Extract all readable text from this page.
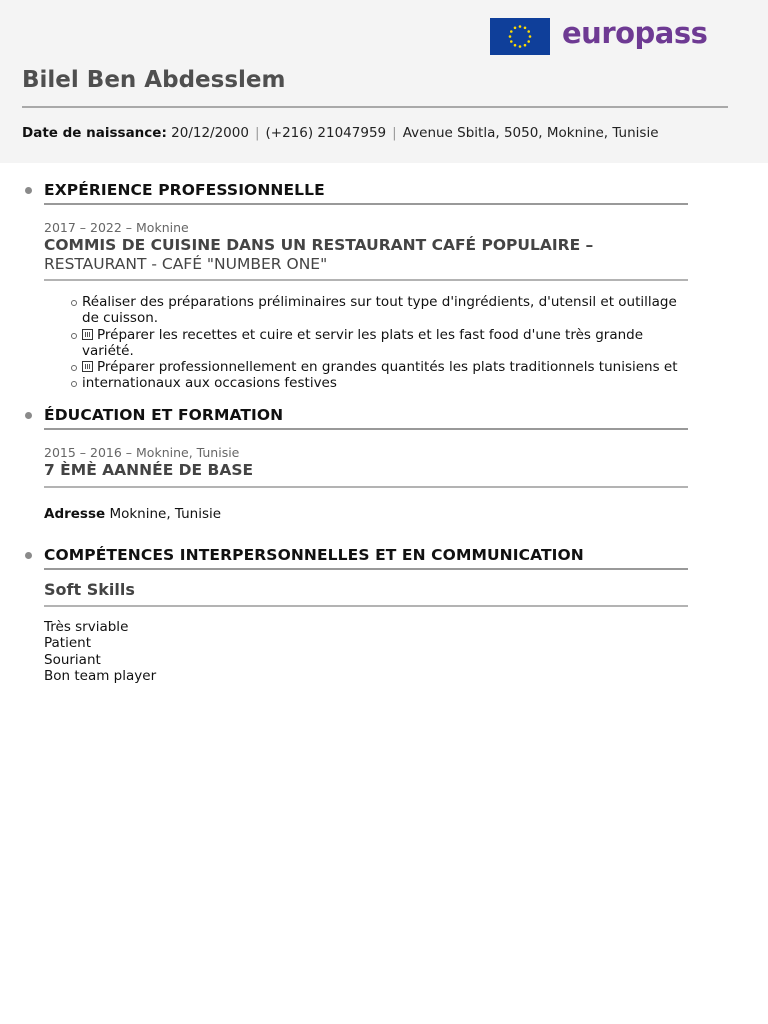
europass
Bilel Ben Abdesslem
Date de naissance: 20/12/2000 | (+216) 21047959 | Avenue Sbitla, 5050, Moknine, Tunisie
EXPÉRIENCE PROFESSIONNELLE
2017 – 2022 – Moknine
COMMIS DE CUISINE DANS UN RESTAURANT CAFÉ POPULAIRE – RESTAURANT - CAFÉ "NUMBER ONE"
Réaliser des préparations préliminaires sur tout type d'ingrédients, d'utensil et outillage de cuisson.
Préparer les recettes et cuire et servir les plats et les fast food d'une très grande variété.
Préparer professionnellement en grandes quantités les plats traditionnels tunisiens et
internationaux aux occasions festives
ÉDUCATION ET FORMATION
2015 – 2016 – Moknine, Tunisie
7 ÈMÈ AANNÉE DE BASE
Adresse Moknine, Tunisie
COMPÉTENCES INTERPERSONNELLES ET EN COMMUNICATION
Soft Skills
Très srviable
Patient
Souriant
Bon team player
